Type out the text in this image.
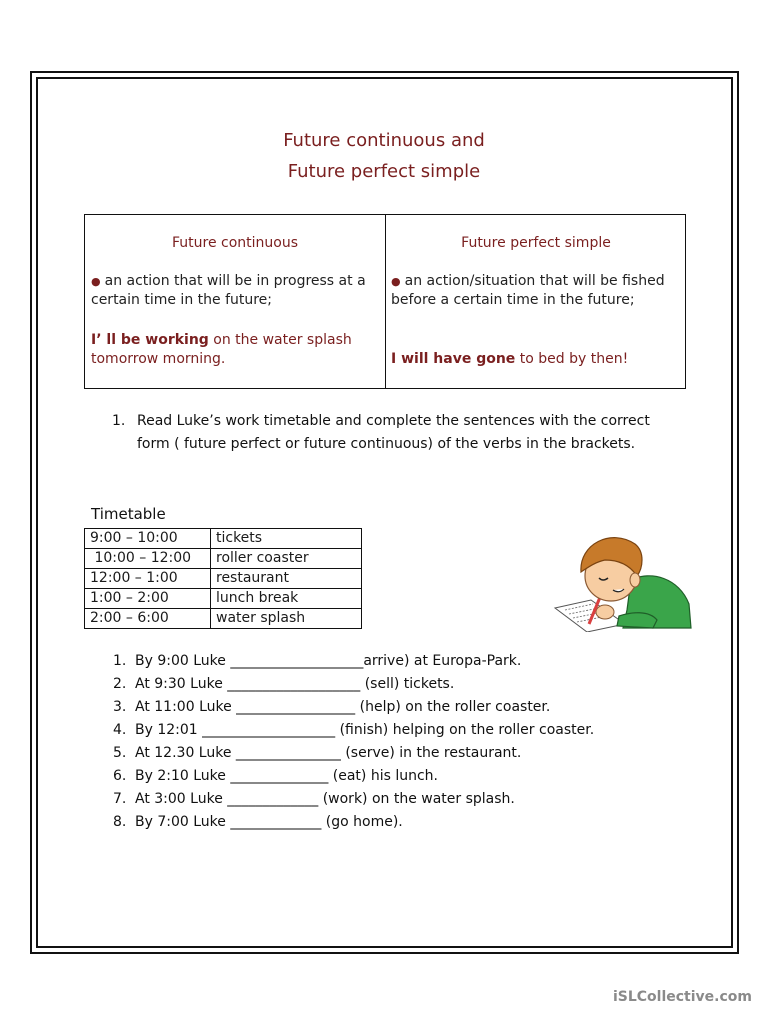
Future continuous and
Future perfect simple
Future continuous
● an action that will be in progress at a certain time in the future;
I’ ll be working on the water splash tomorrow morning.
Future perfect simple
● an action/situation that will be fished before a certain time in the future;
I will have gone to bed by then!
1. Read Luke’s work timetable and complete the sentences with the correct form ( future perfect or future continuous) of the verbs in the brackets.
Timetable
9:00 – 10:00	tickets
10:00 – 12:00	roller coaster
12:00 – 1:00	restaurant
1:00 – 2:00	lunch break
2:00 – 6:00	water splash
1. By 9:00 Luke ___________________arrive) at Europa-Park.
2. At 9:30 Luke ___________________ (sell) tickets.
3. At 11:00 Luke _________________ (help) on the roller coaster.
4. By 12:01 ___________________ (finish) helping on the roller coaster.
5. At 12.30 Luke _______________ (serve) in the restaurant.
6. By 2:10 Luke ______________ (eat) his lunch.
7. At 3:00 Luke _____________ (work) on the water splash.
8. By 7:00 Luke _____________ (go home).
iSLCollective.com
